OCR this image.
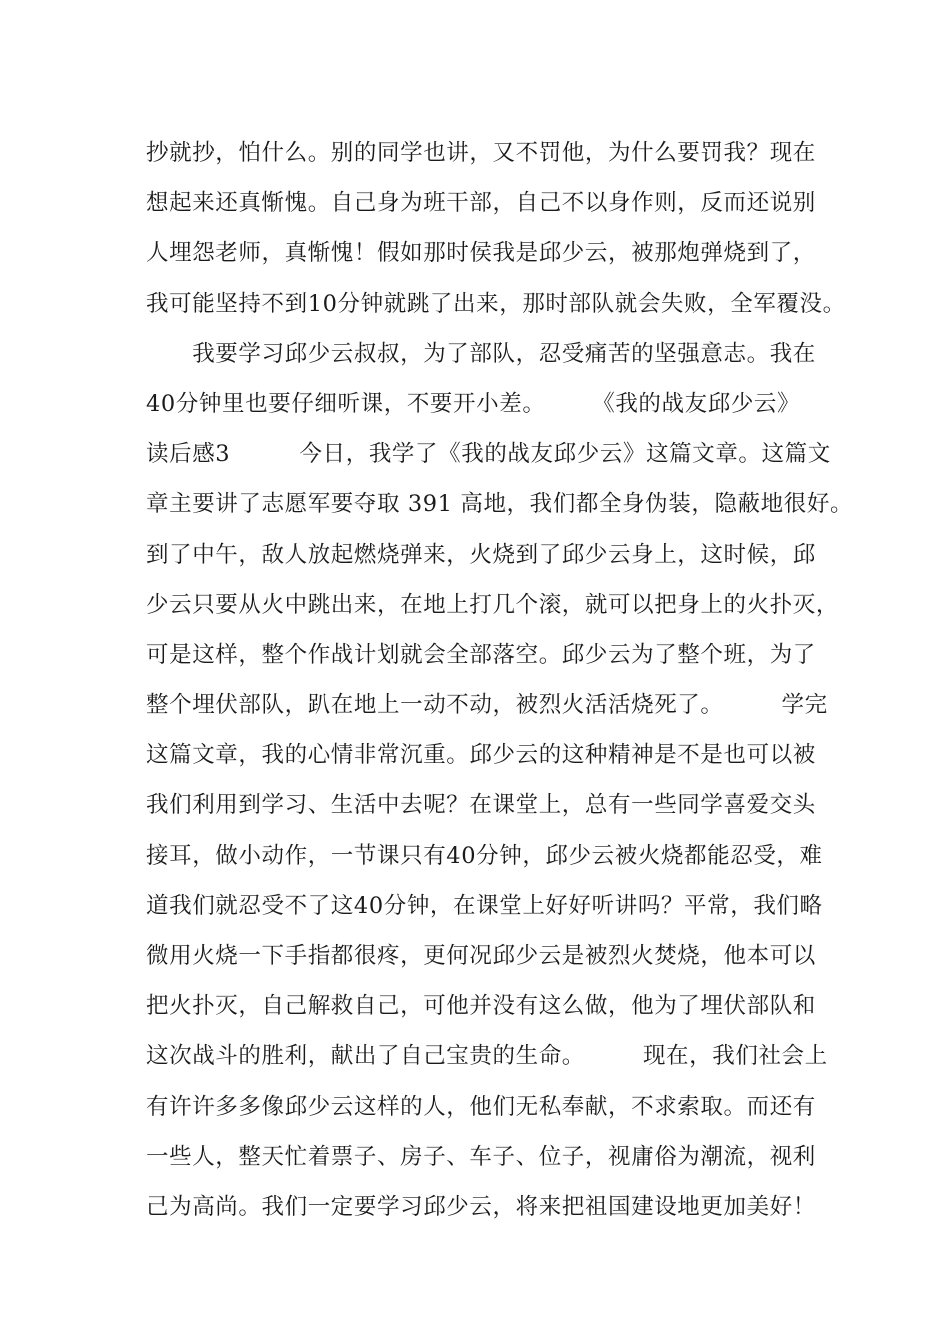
抄就抄，怕什么。别的同学也讲，又不罚他，为什么要罚我？现在
想起来还真惭愧。自己身为班干部，自己不以身作则，反而还说别
人埋怨老师，真惭愧！假如那时侯我是邱少云，被那炮弹烧到了，
我可能坚持不到10分钟就跳了出来，那时部队就会失败，全军覆没。
　　我要学习邱少云叔叔，为了部队，忍受痛苦的坚强意志。我在
40分钟里也要仔细听课，不要开小差。　　　《我的战友邱少云》
读后感3　　　今日，我学了《我的战友邱少云》这篇文章。这篇文
章主要讲了志愿军要夺取 391 高地，我们都全身伪装，隐蔽地很好。
到了中午，敌人放起燃烧弹来，火烧到了邱少云身上，这时候，邱
少云只要从火中跳出来，在地上打几个滚，就可以把身上的火扑灭，
可是这样，整个作战计划就会全部落空。邱少云为了整个班，为了
整个埋伏部队，趴在地上一动不动，被烈火活活烧死了。　　　学完
这篇文章，我的心情非常沉重。邱少云的这种精神是不是也可以被
我们利用到学习、生活中去呢？在课堂上，总有一些同学喜爱交头
接耳，做小动作，一节课只有40分钟，邱少云被火烧都能忍受，难
道我们就忍受不了这40分钟，在课堂上好好听讲吗？平常，我们略
微用火烧一下手指都很疼，更何况邱少云是被烈火焚烧，他本可以
把火扑灭，自己解救自己，可他并没有这么做，他为了埋伏部队和
这次战斗的胜利，献出了自己宝贵的生命。　　　现在，我们社会上
有许许多多像邱少云这样的人，他们无私奉献，不求索取。而还有
一些人，整天忙着票子、房子、车子、位子，视庸俗为潮流，视利
己为高尚。我们一定要学习邱少云，将来把祖国建设地更加美好！
